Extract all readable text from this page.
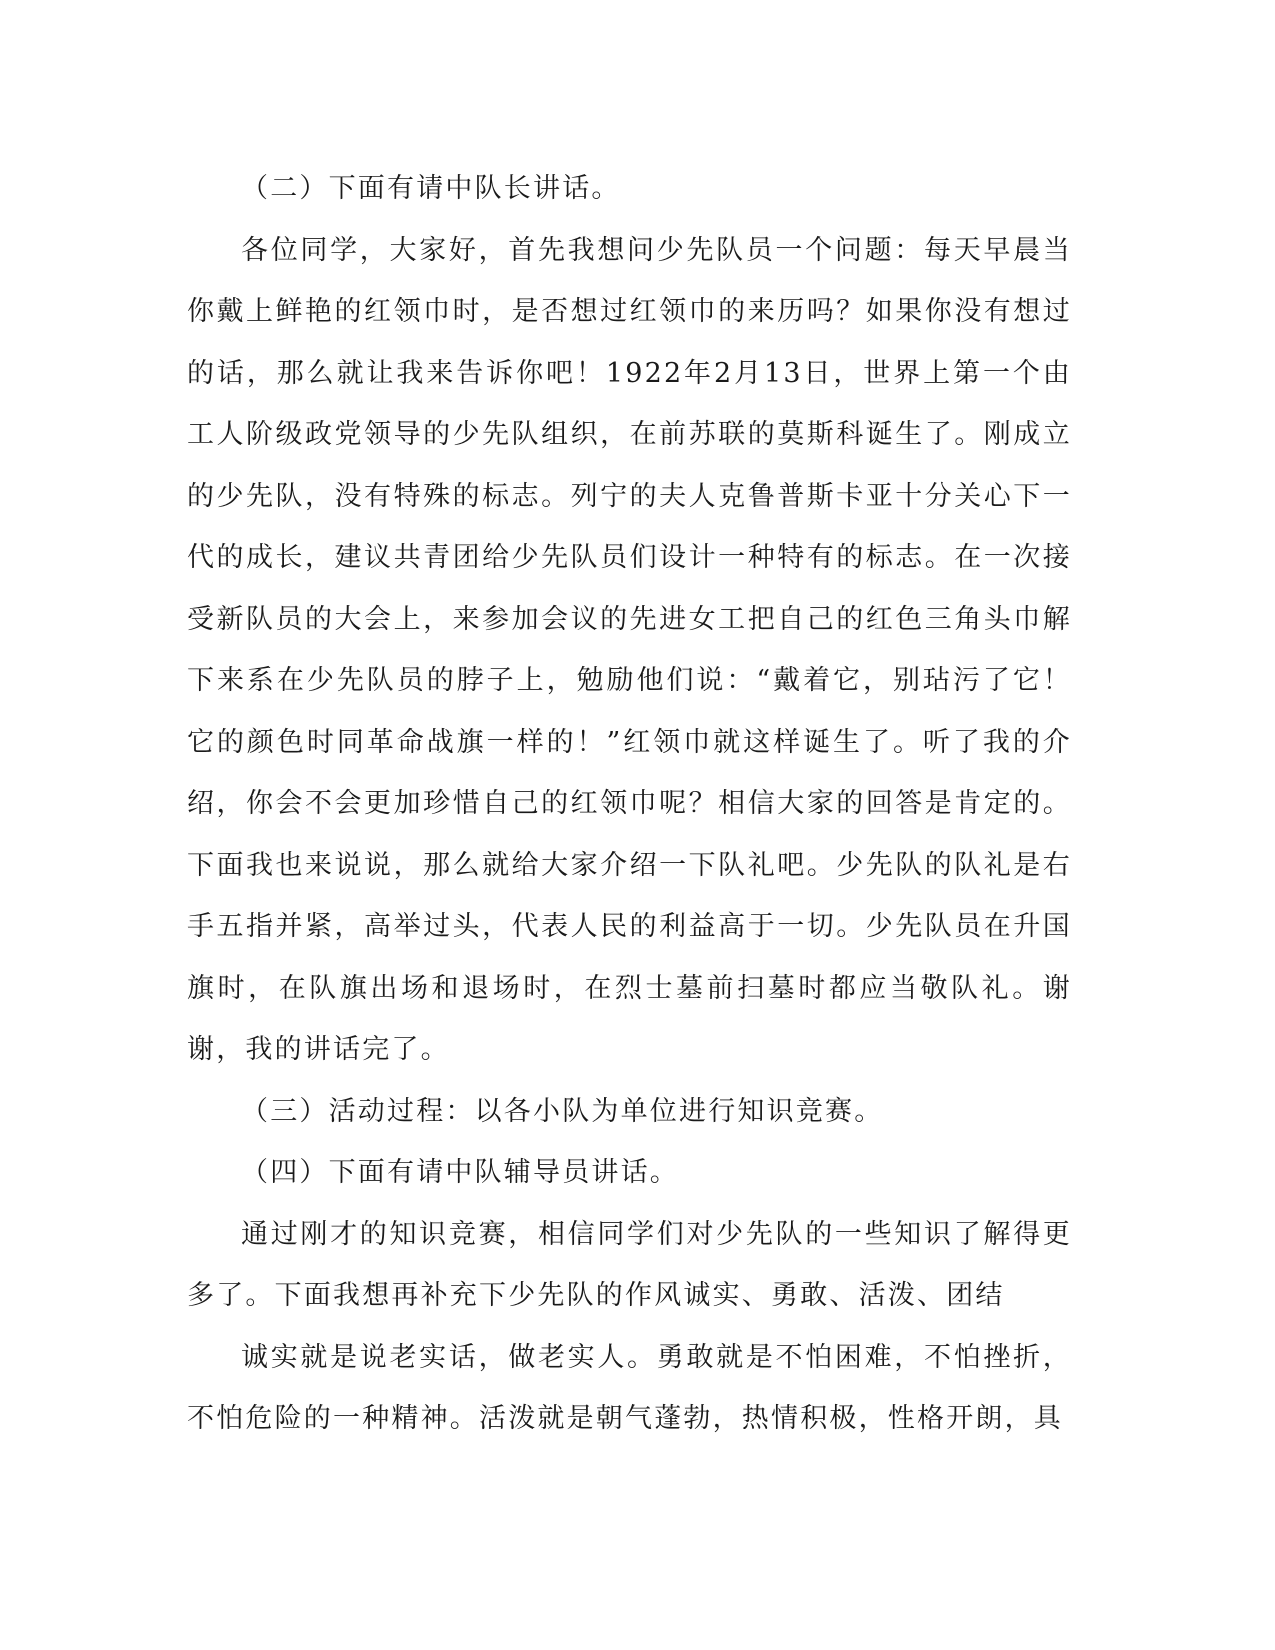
（二）下面有请中队长讲话。

各位同学，大家好，首先我想问少先队员一个问题：每天早晨当你戴上鲜艳的红领巾时，是否想过红领巾的来历吗？如果你没有想过的话，那么就让我来告诉你吧！1922年2月13日，世界上第一个由工人阶级政党领导的少先队组织，在前苏联的莫斯科诞生了。刚成立的少先队，没有特殊的标志。列宁的夫人克鲁普斯卡亚十分关心下一代的成长，建议共青团给少先队员们设计一种特有的标志。在一次接受新队员的大会上，来参加会议的先进女工把自己的红色三角头巾解下来系在少先队员的脖子上，勉励他们说：“戴着它，别玷污了它！它的颜色时同革命战旗一样的！”红领巾就这样诞生了。听了我的介绍，你会不会更加珍惜自己的红领巾呢？相信大家的回答是肯定的。下面我也来说说，那么就给大家介绍一下队礼吧。少先队的队礼是右手五指并紧，高举过头，代表人民的利益高于一切。少先队员在升国旗时，在队旗出场和退场时，在烈士墓前扫墓时都应当敬队礼。谢谢，我的讲话完了。

（三）活动过程：以各小队为单位进行知识竞赛。

（四）下面有请中队辅导员讲话。

通过刚才的知识竞赛，相信同学们对少先队的一些知识了解得更多了。下面我想再补充下少先队的作风诚实、勇敢、活泼、团结

诚实就是说老实话，做老实人。勇敢就是不怕困难，不怕挫折，不怕危险的一种精神。活泼就是朝气蓬勃，热情积极，性格开朗，具
